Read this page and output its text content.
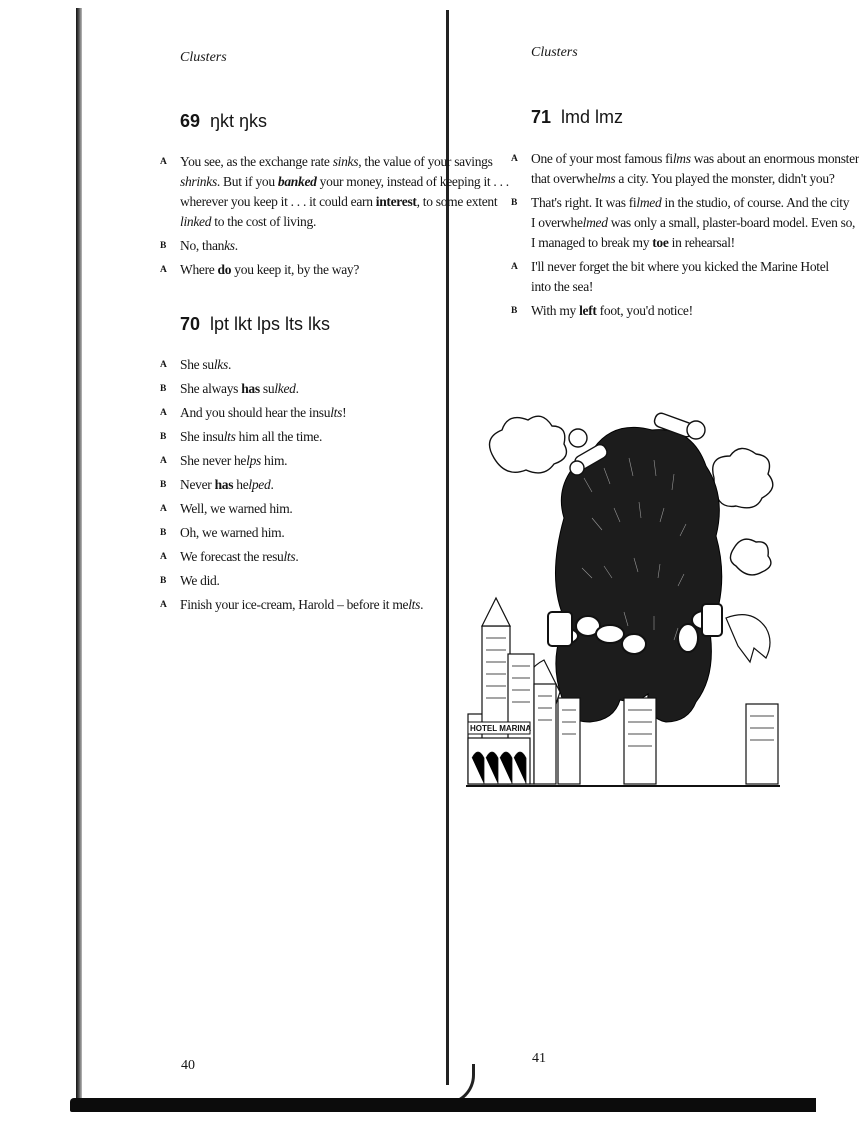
Clusters
69 ŋkt ŋks
A You see, as the exchange rate sinks, the value of your savings
shrinks. But if you banked your money, instead of keeping it . . .
wherever you keep it . . . it could earn interest, to some extent
linked to the cost of living.
B No, thanks.
A Where do you keep it, by the way?
70 lpt lkt lps lts lks
A She sulks.
B She always has sulked.
A And you should hear the insults!
B She insults him all the time.
A She never helps him.
B Never has helped.
A Well, we warned him.
B Oh, we warned him.
A We forecast the results.
B We did.
A Finish your ice-cream, Harold – before it melts.
40
Clusters
71 lmd lmz
A One of your most famous films was about an enormous monster
that overwhelms a city. You played the monster, didn't you?
B That's right. It was filmed in the studio, of course. And the city
I overwhelmed was only a small, plaster-board model. Even so,
I managed to break my toe in rehearsal!
A I'll never forget the bit where you kicked the Marine Hotel
into the sea!
B With my left foot, you'd notice!
HOTEL MARINA
41
